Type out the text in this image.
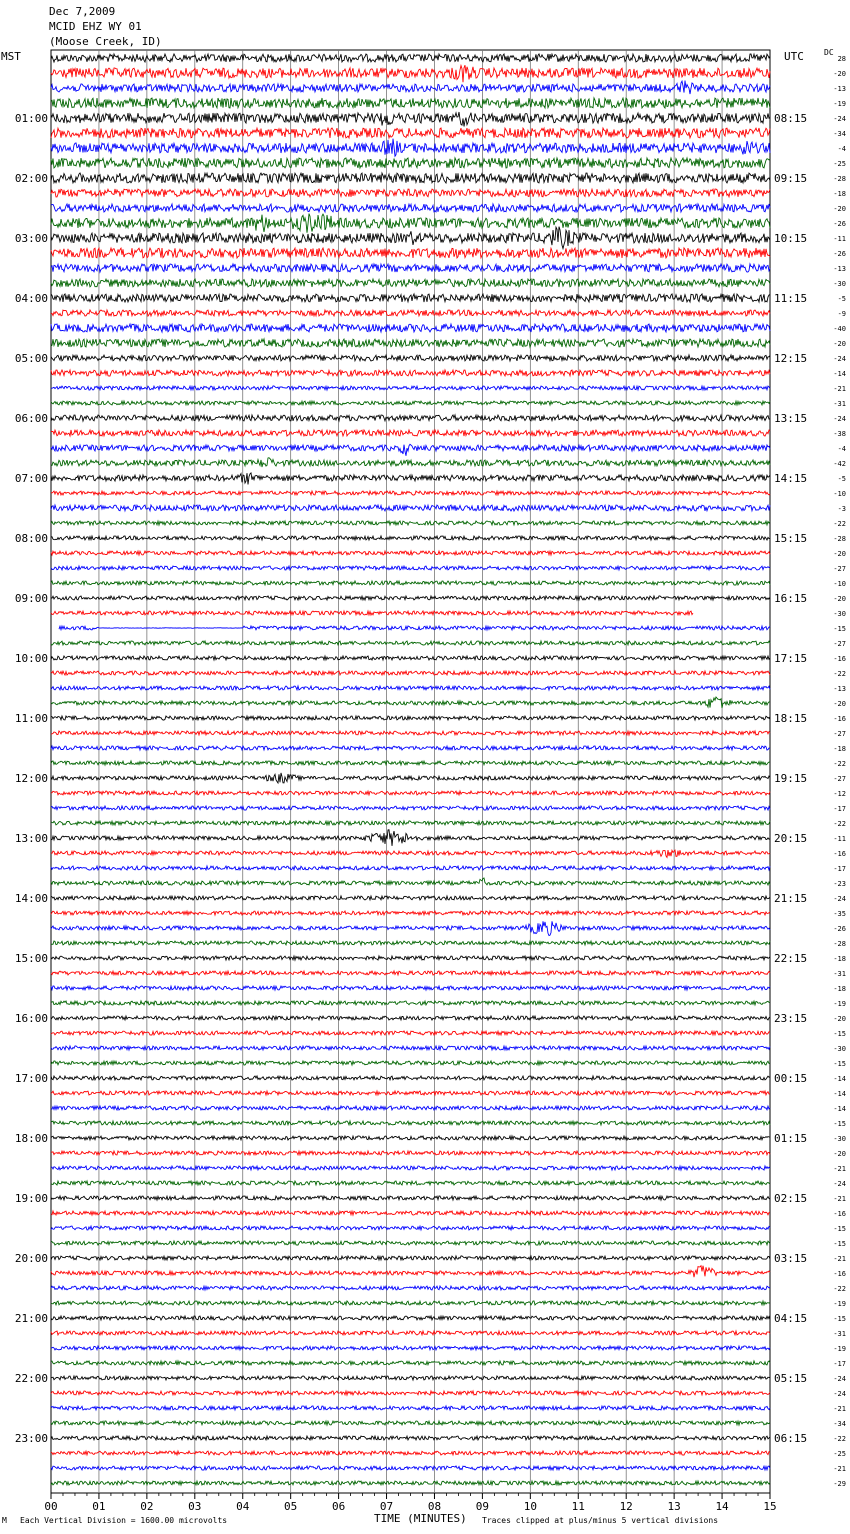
Dec 7,2009
MCID EHZ WY 01
(Moose Creek, ID)
MST	UTC	DC
28
-20
-13
-19
-24
-34
-4
-25
-28
-18
-20
-26
-11
-26
-13
-30
-5
-9
-40
-20
-24
-14
-21
-31
-24
-38
-4
-42
-5
-10
-3
-22
-28
-20
-27
-10
-20
-30
-15
-27
-16
-22
-13
-20
-16
-27
-18
-22
-27
-12
-17
-22
-11
-16
-17
-23
-24
-35
-26
-28
-18
-31
-18
-19
-20
-15
-30
-15
-14
-14
-14
-15
-30
-20
-21
-24
-21
-16
-15
-15
-21
-16
-22
-19
-15
-31
-19
-17
-24
-24
-21
-34
-22
-25
-21
-29
01:00
02:00
03:00
04:00
05:00
06:00
07:00
08:00
09:00
10:00
11:00
12:00
13:00
14:00
15:00
16:00
17:00
18:00
19:00
20:00
21:00
22:00
23:00
08:15
09:15
10:15
11:15
12:15
13:15
14:15
15:15
16:15
17:15
18:15
19:15
20:15
21:15
22:15
23:15
00:15
01:15
02:15
03:15
04:15
05:15
06:15
00	01	02	03	04	05	06	07	08	09	10	11	12	13	14	15
M Each Vertical Division = 1600.00 microvolts	TIME (MINUTES) Traces clipped at plus/minus 5 vertical divisions
